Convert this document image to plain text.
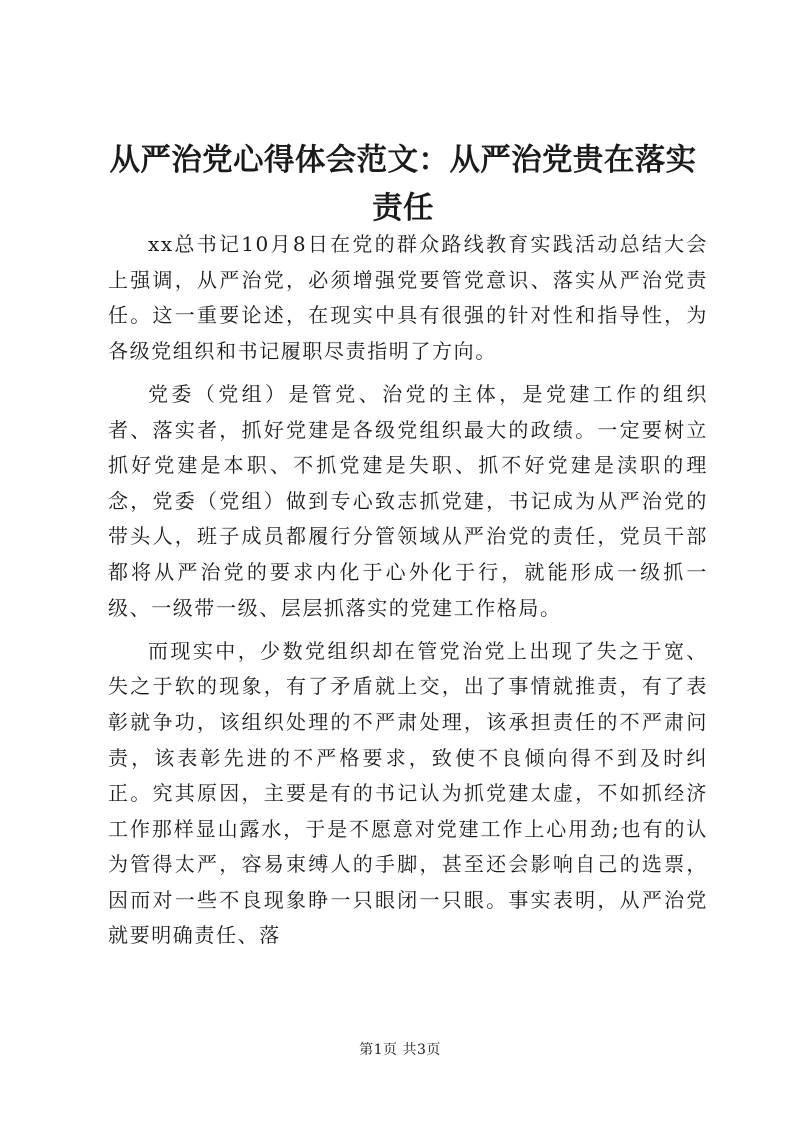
从严治党心得体会范文：从严治党贵在落实责任

xx总书记10月8日在党的群众路线教育实践活动总结大会上强调，从严治党，必须增强党要管党意识、落实从严治党责任。这一重要论述，在现实中具有很强的针对性和指导性，为各级党组织和书记履职尽责指明了方向。

党委（党组）是管党、治党的主体，是党建工作的组织者、落实者，抓好党建是各级党组织最大的政绩。一定要树立抓好党建是本职、不抓党建是失职、抓不好党建是渎职的理念，党委（党组）做到专心致志抓党建，书记成为从严治党的带头人，班子成员都履行分管领域从严治党的责任，党员干部都将从严治党的要求内化于心外化于行，就能形成一级抓一级、一级带一级、层层抓落实的党建工作格局。

而现实中，少数党组织却在管党治党上出现了失之于宽、失之于软的现象，有了矛盾就上交，出了事情就推责，有了表彰就争功，该组织处理的不严肃处理，该承担责任的不严肃问责，该表彰先进的不严格要求，致使不良倾向得不到及时纠正。究其原因，主要是有的书记认为抓党建太虚，不如抓经济工作那样显山露水，于是不愿意对党建工作上心用劲;也有的认为管得太严，容易束缚人的手脚，甚至还会影响自己的选票，因而对一些不良现象睁一只眼闭一只眼。事实表明，从严治党就要明确责任、落

第1页 共3页
